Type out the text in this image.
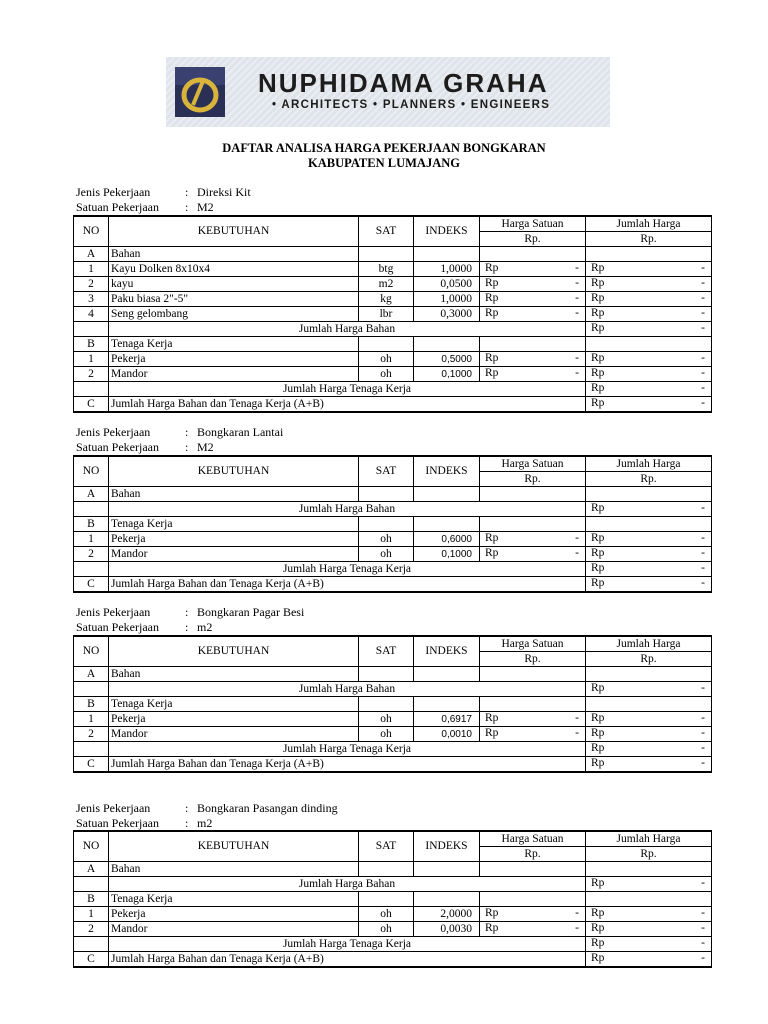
NUPHIDAMA GRAHA
• ARCHITECTS • PLANNERS • ENGINEERS
DAFTAR ANALISA HARGA PEKERJAAN BONGKARAN
KABUPATEN LUMAJANG
Jenis Pekerjaan	: Direksi Kit
Satuan Pekerjaan : M2
NO	KEBUTUHAN	SAT	INDEKS	Harga Satuan	Jumlah Harga
				Rp.	Rp.
A	Bahan				
1	Kayu Dolken 8x10x4	btg	1,0000	Rp -	Rp -

2	kayu	m2	0,0500	Rp -	Rp -

3	Paku biasa 2"-5"	kg	1,0000	Rp -	Rp -

4	Seng gelombang	lbr	0,3000	Rp -	Rp -

	Jumlah Harga Bahan				Rp -

B	Tenaga Kerja				
1	Pekerja	oh	0,5000	Rp -	Rp -

2	Mandor	oh	0,1000	Rp -	Rp -

	Jumlah Harga Tenaga Kerja				Rp -

C	Jumlah Harga Bahan dan Tenaga Kerja (A+B)				Rp -
Jenis Pekerjaan	: Bongkaran Lantai
Satuan Pekerjaan : M2
NO	KEBUTUHAN	SAT	INDEKS	Harga Satuan	Jumlah Harga
				Rp.	Rp.
A	Bahan				
	Jumlah Harga Bahan				Rp -

B	Tenaga Kerja				
1	Pekerja	oh	0,6000	Rp -	Rp -

2	Mandor	oh	0,1000	Rp -	Rp -

	Jumlah Harga Tenaga Kerja				Rp -

C	Jumlah Harga Bahan dan Tenaga Kerja (A+B)				Rp -
Jenis Pekerjaan	: Bongkaran Pagar Besi
Satuan Pekerjaan : m2
NO	KEBUTUHAN	SAT	INDEKS	Harga Satuan	Jumlah Harga
				Rp.	Rp.
A	Bahan				
	Jumlah Harga Bahan				Rp -

B	Tenaga Kerja				
1	Pekerja	oh	0,6917	Rp -	Rp -

2	Mandor	oh	0,0010	Rp -	Rp -

	Jumlah Harga Tenaga Kerja				Rp -

C	Jumlah Harga Bahan dan Tenaga Kerja (A+B)				Rp -
Jenis Pekerjaan	: Bongkaran Pasangan dinding
Satuan Pekerjaan : m2
NO	KEBUTUHAN	SAT	INDEKS	Harga Satuan	Jumlah Harga
				Rp.	Rp.
A	Bahan				
	Jumlah Harga Bahan				Rp -

B	Tenaga Kerja				
1	Pekerja	oh	2,0000	Rp -	Rp -

2	Mandor	oh	0,0030	Rp -	Rp -

	Jumlah Harga Tenaga Kerja				Rp -

C	Jumlah Harga Bahan dan Tenaga Kerja (A+B)				Rp -
